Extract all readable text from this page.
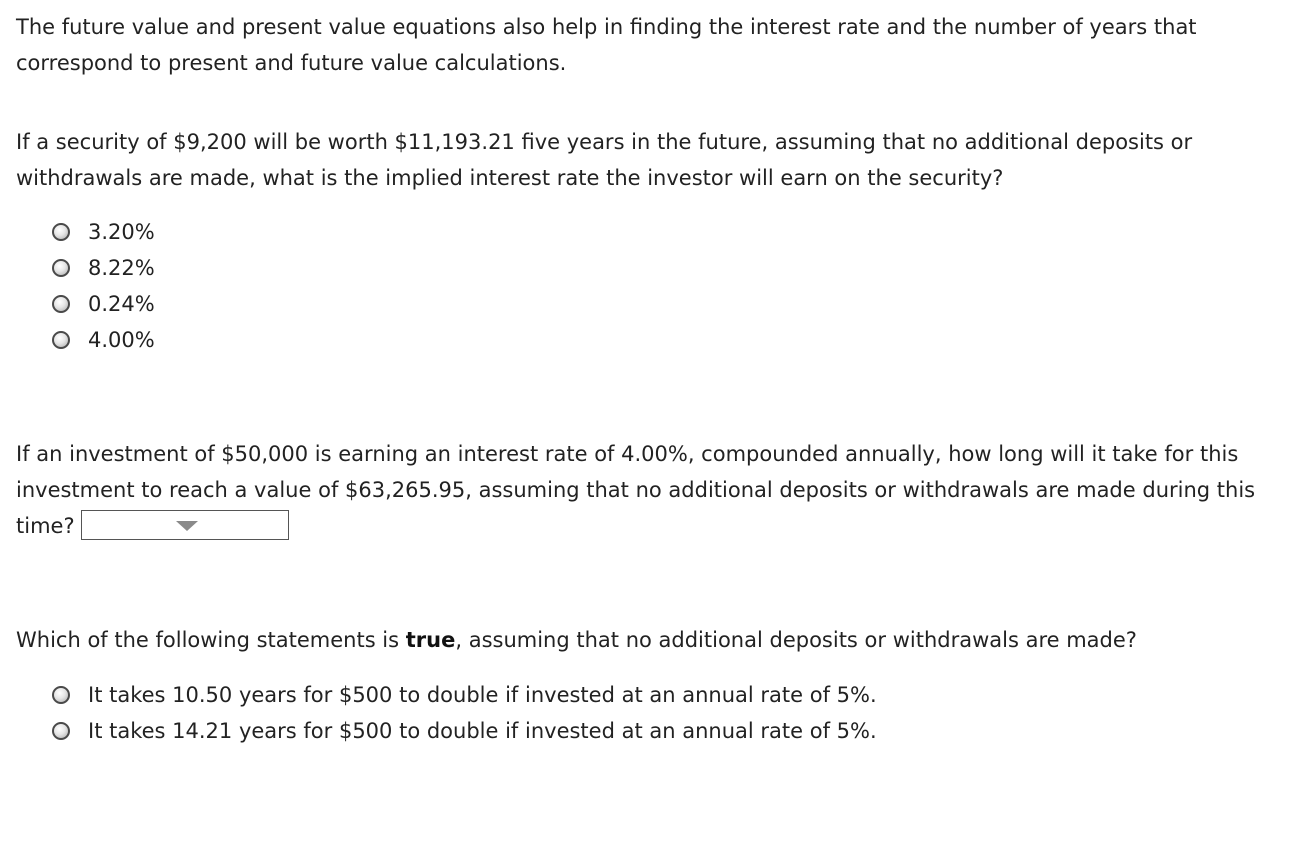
The future value and present value equations also help in finding the interest rate and the number of years that

correspond to present and future value calculations.

If a security of $9,200 will be worth $11,193.21 five years in the future, assuming that no additional deposits or

withdrawals are made, what is the implied interest rate the investor will earn on the security?

3.20%
8.22%
0.24%
4.00%

If an investment of $50,000 is earning an interest rate of 4.00%, compounded annually, how long will it take for this

investment to reach a value of $63,265.95, assuming that no additional deposits or withdrawals are made during this

time?

Which of the following statements is true, assuming that no additional deposits or withdrawals are made?

It takes 10.50 years for $500 to double if invested at an annual rate of 5%.
It takes 14.21 years for $500 to double if invested at an annual rate of 5%.
